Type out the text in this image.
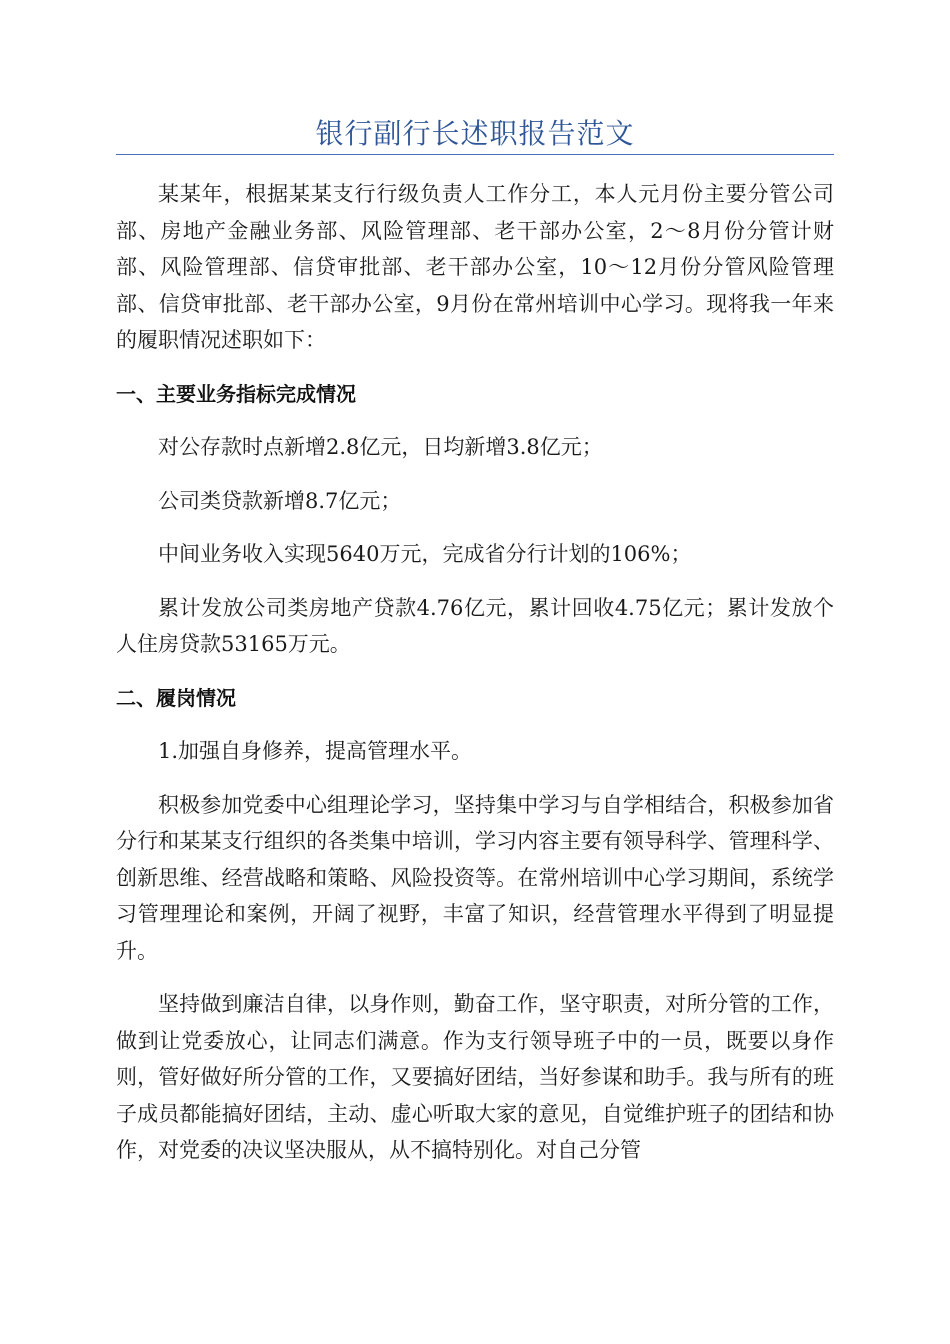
银行副行长述职报告范文

某某年，根据某某支行行级负责人工作分工，本人元月份主要分管公司部、房地产金融业务部、风险管理部、老干部办公室，2～8月份分管计财部、风险管理部、信贷审批部、老干部办公室，10～12月份分管风险管理部、信贷审批部、老干部办公室，9月份在常州培训中心学习。现将我一年来的履职情况述职如下：

一、主要业务指标完成情况

对公存款时点新增2.8亿元，日均新增3.8亿元；

公司类贷款新增8.7亿元；

中间业务收入实现5640万元，完成省分行计划的106%；

累计发放公司类房地产贷款4.76亿元，累计回收4.75亿元；累计发放个人住房贷款53165万元。

二、履岗情况

1.加强自身修养，提高管理水平。

积极参加党委中心组理论学习，坚持集中学习与自学相结合，积极参加省分行和某某支行组织的各类集中培训，学习内容主要有领导科学、管理科学、创新思维、经营战略和策略、风险投资等。在常州培训中心学习期间，系统学习管理理论和案例，开阔了视野，丰富了知识，经营管理水平得到了明显提升。

坚持做到廉洁自律，以身作则，勤奋工作，坚守职责，对所分管的工作，做到让党委放心，让同志们满意。作为支行领导班子中的一员，既要以身作则，管好做好所分管的工作，又要搞好团结，当好参谋和助手。我与所有的班子成员都能搞好团结，主动、虚心听取大家的意见，自觉维护班子的团结和协作，对党委的决议坚决服从，从不搞特别化。对自己分管
